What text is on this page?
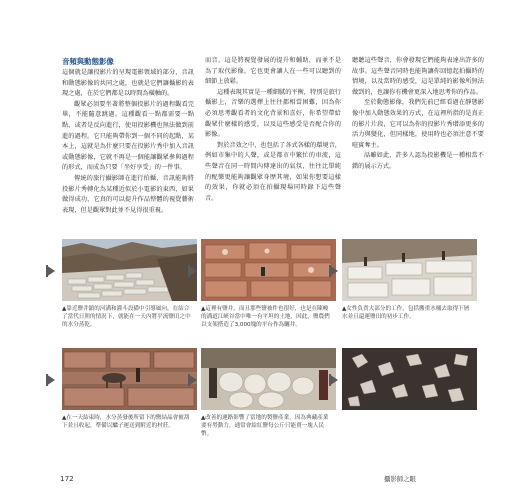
音頻與動態影像

這個就是讓投影片的呈現電影領域的部分，音訊和動態影像的共同之處，也就是它們讓攝影的表現之處，在於它們都是以時間為橫軸的。

觀眾必須要坐著將整個投影片的過程觀看完畢，不能隨意跳過。這種觀看一點都需要一點點，或者是反向進行，使用投影機也無法做到前進的過程。它只能夠帶你到一個不同的起點，某本上，這就是為什麼只要在投影片秀中加入音訊或動態影像，它就不再是一個能讓觀眾參與過程的形式，而成為只要「坐好享受」的一件事。

傳統的旅行攝影師在進行拍攝，音訊能夠將投影片秀轉化為某種近似於小電影的東西，如果做得成功，它真的可以提升作品整體的視覺藝術表現，但是觀眾對此並不見得很重視。

而音，這是將視覺發展的提升和輔助，而並不是為了取代影像，它也更會讓人在一些可以聽到的細節上放鬆。

這種表現其實是一種細膩的平衡，特別是旅行攝影上，音樂的選擇上往往都相當困難，因為你必須思考觀看者的文化背景和喜好，你希望帶給觀眾什麼樣的感受，以及這些感受是否配合你的影像。

對於音效之中，也包括了各式各樣的環境音，例如市集中的人聲，或是都市中繁忙的車流，這些聲音在同一時間內傳達出的氣氛，往往比單純的配樂更能夠讓觀眾身歷其境，如果你想要這樣的效果，你就必須在拍攝現場同時錄下這些聲音。

聽聽這些聲音，你會發現它們能夠表達出許多的故事。這些聲音同時也能夠讓你回憶起拍攝時的情境，以及當時的感受，這是單純的影像所無法做到的，也讓你有機會更深入地思考你的作品。

至於動態影像，我們先前已經看過在靜態影像中加入動態效果的方式，在這裡所指的是真正的影片片段，它可以為你的投影片秀增添更多的活力與變化，但同樣地，使用時也必須注意不要喧賓奪主。

話雖如此，許多人認為投影機是一種相當不錯的展示方式。

▲靠近鹽井鎮的河溝和灌斗設備中引導風向，在結合了當代日照的情況下，就能在一天內將平流鹽田之中的水分蒸乾。
▲這裡有鹽井，而且那些鹽被件也很好，也是在陳峻的溝道江峽谷當中唯一有平坦的土地，因此，鹽農們以支架搭造了3,000塊的平台作為曬井。
▲女性負責大部分的工作，包括搬重水桶去取得下層水並且還運鹽田的初步工作。
▲在一天結束時，水分蒸發後所留下的鹽結晶會被刮下並且收起，準備以驢子運送到附近的村莊。
▲改善的運路影響了當地的製鹽產業，因為典藏產業要有勞動力，通常會給紅鹽每公斤只能賣一塊人民幣。
172	攝影師之眼
